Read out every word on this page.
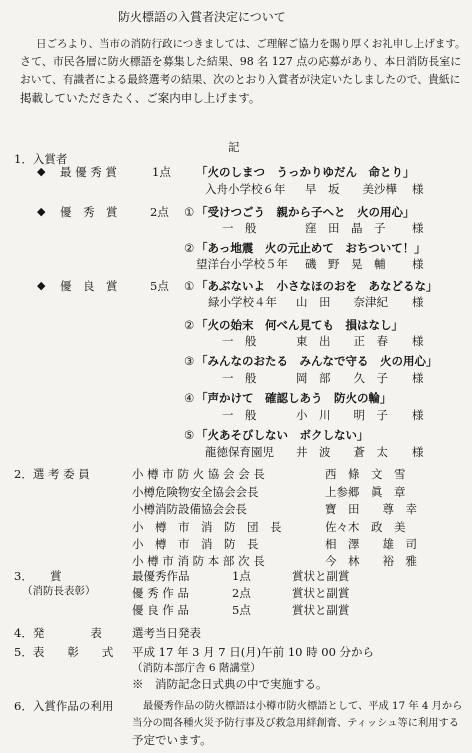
防火標語の入賞者決定について
日ごろより、当市の消防行政につきましては、ご理解ご協力を賜り厚くお礼申し上げます。
さて、市民各層に防火標語を募集した結果、98 名 127 点の応募があり、本日消防長室に
おいて、有識者による最終選考の結果、次のとおり入賞者が決定いたしましたので、貴紙に
掲載していただきたく、ご案内申し上げます。
記
1．入賞者
◆ 最 優 秀 賞	1点 「火のしまつ　うっかりゆだん　命とり」
入舟小学校６年 早　坂　　美沙樺 様
◆ 優　秀　賞	2点 ① 「受けつごう　親から子へと　火の用心」
一　般	窪　田　晶　子 様
② 「あっ地震　火の元止めて　おちついて！」
望洋台小学校５年 磯　野　晃　輔 様
◆ 優　良　賞	5点 ① 「あぶないよ　小さなほのおを　あなどるな」
緑小学校４年 山　田　　奈津紀 様
② 「火の始末　何べん見ても　損はなし」
一　般	東　出　　正　春 様
③ 「みんなのおたる　みんなで守る　火の用心」
一　般	岡　部　　久　子 様
④ 「声かけて　確認しあう　防火の輪」
一　般	小　川　　明　子 様
⑤ 「火あそびしない　ボクしない」
龍徳保育園児 井　波　　蒼　太 様
2．選 考 委 員	小 樽 市 防 火 協 会 会 長	西　條　文　雪
小樽危険物安全協会会長	上参郷　眞　章
小樽消防設備協会会長	寶　田　　尊　幸
小　樽　市　消　防　団　長	佐々木　政　美
小　樽　市　消　防　長	相　澤　　雄　司
小 樽 市 消 防 本 部 次 長	今　林　　裕　雅
3．　　賞
（消防長表彰）
最優秀作品	1点	賞状と副賞
優 秀 作 品	2点	賞状と副賞
優 良 作 品	5点	賞状と副賞
4．発　　　　表	選考当日発表
5．表　　彰　　式 平成 17 年 3 月 7 日(月)午前 10 時 00 分から
（消防本部庁舎 6 階講堂）
※　消防記念日式典の中で実施する。
6．入賞作品の利用	最優秀作品の防火標語は小樽市防火標語として、平成 17 年 4 月から
当分の間各種火災予防行事及び救急用絆創膏、ティッシュ等に利用する
予定でいます。
